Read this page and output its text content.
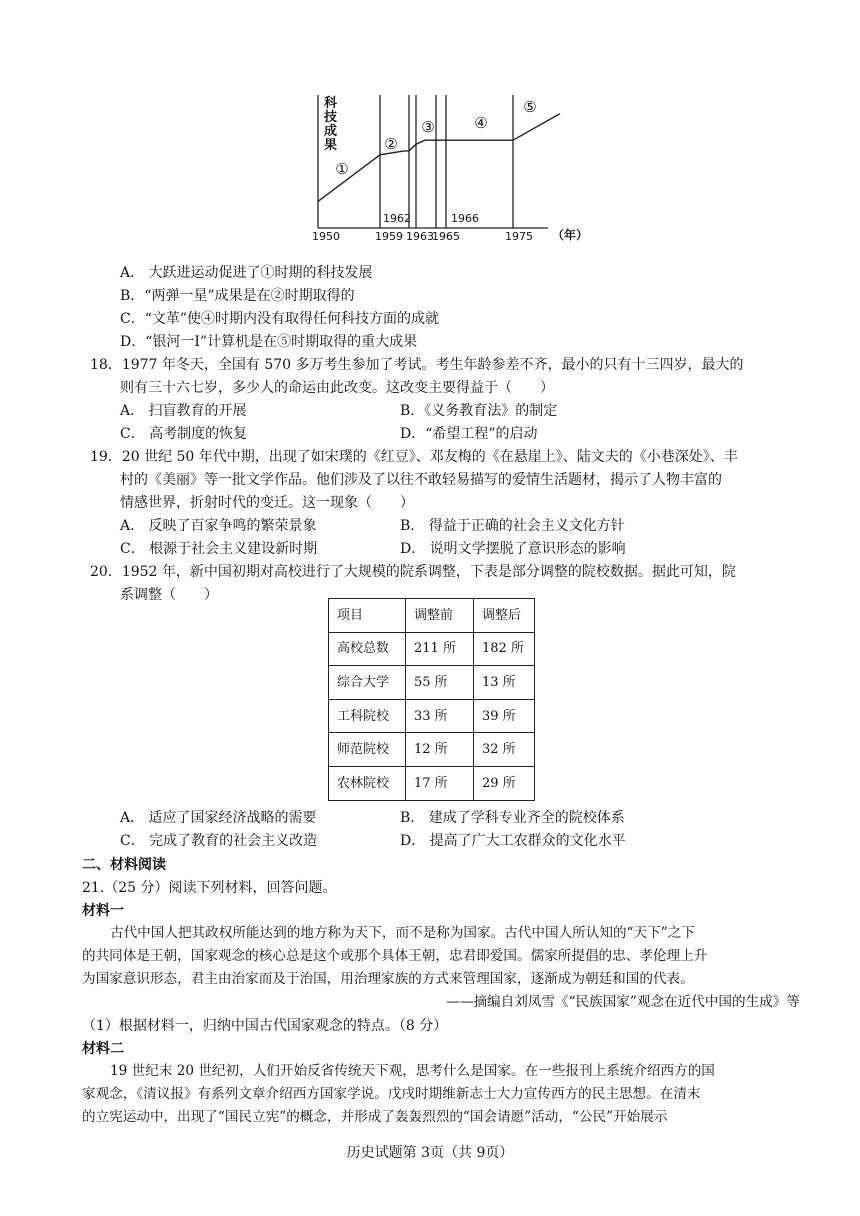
科技成果
（年）
①
②
③	④
⑤
1950	1959 1963
1965	1975
1962	1966
A． 大跃进运动促进了①时期的科技发展
B．“两弹一星”成果是在②时期取得的
C．“文革”使④时期内没有取得任何科技方面的成就
D．“银河一Ⅰ”计算机是在⑤时期取得的重大成果
18．1977 年冬天，全国有 570 多万考生参加了考试。考生年龄参差不齐，最小的只有十三四岁，最大的
则有三十六七岁，多少人的命运由此改变。这改变主要得益于（　　）
A． 扫盲教育的开展	B．《义务教育法》的制定
C． 高考制度的恢复	D．“希望工程”的启动
19．20 世纪 50 年代中期，出现了如宋璞的《红豆》、邓友梅的《在悬崖上》、陆文夫的《小巷深处》、丰
村的《美丽》等一批文学作品。他们涉及了以往不敢轻易描写的爱情生活题材，揭示了人物丰富的
情感世界，折射时代的变迁。这一现象（　　）
A． 反映了百家争鸣的繁荣景象	B． 得益于正确的社会主义文化方针
C． 根源于社会主义建设新时期	D． 说明文学摆脱了意识形态的影响
20．1952 年，新中国初期对高校进行了大规模的院系调整，下表是部分调整的院校数据。据此可知，院
系调整（　　）
项目	调整前	调整后
高校总数	211 所	182 所
综合大学	55 所	13 所
工科院校	33 所	39 所
师范院校	12 所	32 所
农林院校	17 所	29 所
A． 适应了国家经济战略的需要	B． 建成了学科专业齐全的院校体系
C． 完成了教育的社会主义改造	D． 提高了广大工农群众的文化水平
二、材料阅读
21.（25 分）阅读下列材料，回答问题。
材料一
古代中国人把其政权所能达到的地方称为天下，而不是称为国家。古代中国人所认知的“天下”之下
的共同体是王朝，国家观念的核心总是这个或那个具体王朝，忠君即爱国。儒家所提倡的忠、孝伦理上升
为国家意识形态，君主由治家而及于治国，用治理家族的方式来管理国家，逐渐成为朝廷和国的代表。
——摘编自刘凤雪《“民族国家”观念在近代中国的生成》等
（1）根据材料一，归纳中国古代国家观念的特点。（8 分）
材料二
19 世纪末 20 世纪初，人们开始反省传统天下观，思考什么是国家。在一些报刊上系统介绍西方的国
家观念，《清议报》有系列文章介绍西方国家学说。戊戌时期维新志士大力宣传西方的民主思想。在清末
的立宪运动中，出现了“国民立宪”的概念，并形成了轰轰烈烈的“国会请愿”活动，“公民”开始展示
历史试题第 3页（共 9页）
